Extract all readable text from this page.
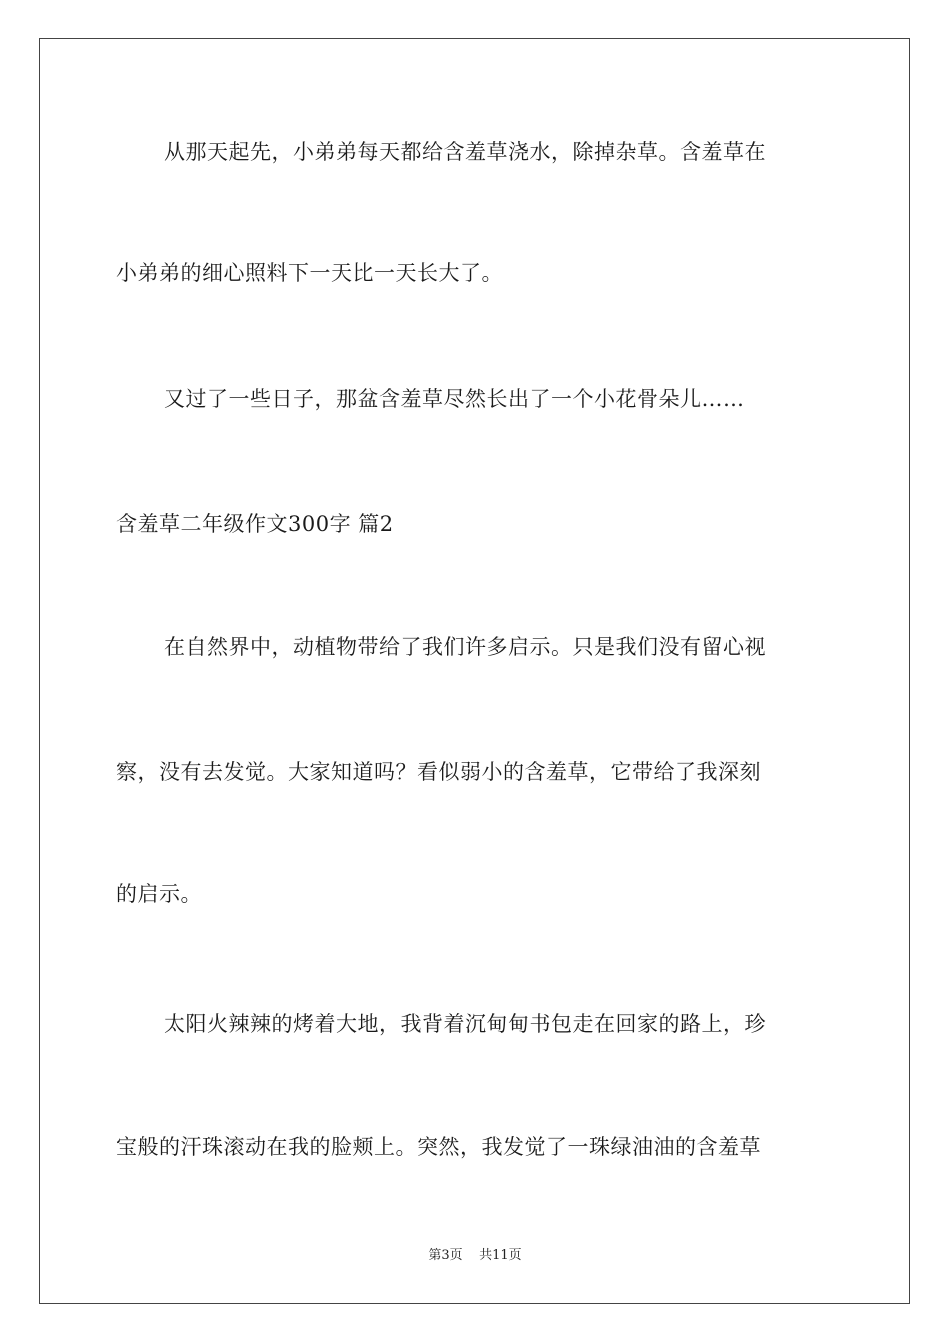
从那天起先，小弟弟每天都给含羞草浇水，除掉杂草。含羞草在
小弟弟的细心照料下一天比一天长大了。
又过了一些日子，那盆含羞草尽然长出了一个小花骨朵儿……
含羞草二年级作文300字 篇2
在自然界中，动植物带给了我们许多启示。只是我们没有留心视
察，没有去发觉。大家知道吗？看似弱小的含羞草，它带给了我深刻
的启示。
太阳火辣辣的烤着大地，我背着沉甸甸书包走在回家的路上，珍
宝般的汗珠滚动在我的脸颊上。突然，我发觉了一珠绿油油的含羞草
第3页 共11页
